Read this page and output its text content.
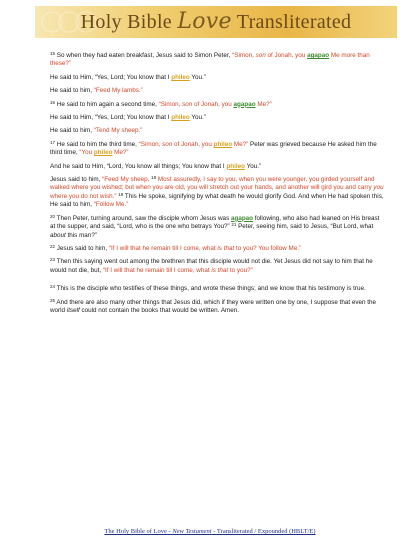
Holy Bible Love Transliterated

$^{15}$ So when they had eaten breakfast, Jesus said to Simon Peter, “Simon, son of Jonah, you agapao Me more than these?”

He said to Him, “Yes, Lord; You know that I phileo You.”

He said to him, “Feed My lambs.”

$^{16}$ He said to him again a second time, “Simon, son of Jonah, you agapao Me?”

He said to Him, “Yes, Lord; You know that I phileo You.”

He said to him, “Tend My sheep.”

$^{17}$ He said to him the third time, “Simon, son of Jonah, you phileo Me?” Peter was grieved because He asked him the third time, “You phileo Me?”

And he said to Him, “Lord, You know all things; You know that I phileo You.”

Jesus said to him, “Feed My sheep. $^{18}$ Most assuredly, I say to you, when you were younger, you girded yourself and walked where you wished; but when you are old, you will stretch out your hands, and another will gird you and carry you where you do not wish.” $^{19}$ This He spoke, signifying by what death he would glorify God. And when He had spoken this, He said to him, “Follow Me.”

$^{20}$ Then Peter, turning around, saw the disciple whom Jesus was agapao following, who also had leaned on His breast at the supper, and said, “Lord, who is the one who betrays You?” $^{21}$ Peter, seeing him, said to Jesus, “But Lord, what about this man?”

$^{22}$ Jesus said to him, “If I will that he remain till I come, what is that to you? You follow Me.”

$^{23}$ Then this saying went out among the brethren that this disciple would not die. Yet Jesus did not say to him that he would not die, but, “If I will that he remain till I come, what is that to you?”

$^{24}$ This is the disciple who testifies of these things, and wrote these things; and we know that his testimony is true.

$^{25}$ And there are also many other things that Jesus did, which if they were written one by one, I suppose that even the world itself could not contain the books that would be written. Amen.

The Holy Bible of Love - New Testament - Transliterated / Expounded (HBLT/E)
